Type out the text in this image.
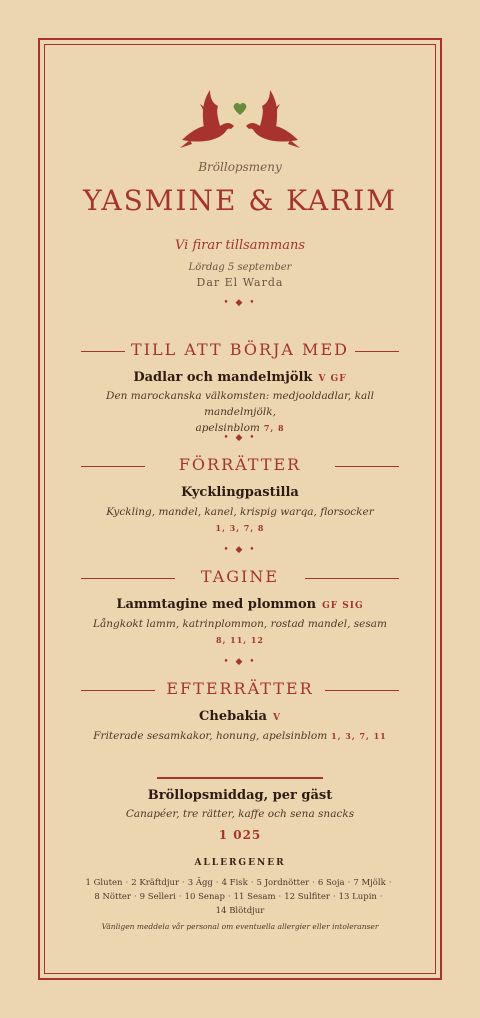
Bröllopsmeny
YASMINE & KARIM
Vi firar tillsammans
Lördag 5 september
Dar El Warda
• ◆ •
TILL ATT BÖRJA MED
Dadlar och mandelmjölk V GF
Den marockanska välkomsten: medjooldadlar, kall mandelmjölk,
apelsinblom 7, 8
• ◆ •
FÖRRÄTTER
Kycklingpastilla
Kyckling, mandel, kanel, krispig warqa, florsocker
1, 3, 7, 8
• ◆ •
TAGINE
Lammtagine med plommon GF SIG
Långkokt lamm, katrinplommon, rostad mandel, sesam
8, 11, 12
• ◆ •
EFTERRÄTTER
Chebakia V
Friterade sesamkakor, honung, apelsinblom 1, 3, 7, 11
Bröllopsmiddag, per gäst
Canapéer, tre rätter, kaffe och sena snacks
1 025
ALLERGENER
1 Gluten · 2 Kräftdjur · 3 Ägg · 4 Fisk · 5 Jordnötter · 6 Soja · 7 Mjölk ·
8 Nötter · 9 Selleri · 10 Senap · 11 Sesam · 12 Sulfiter · 13 Lupin ·
14 Blötdjur
Vänligen meddela vår personal om eventuella allergier eller intoleranser
